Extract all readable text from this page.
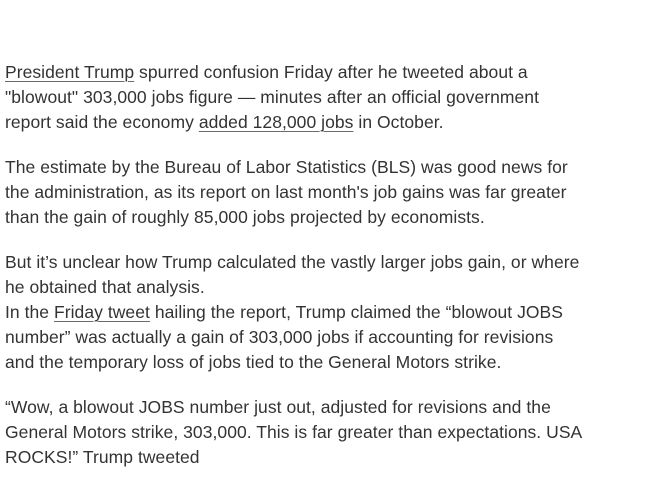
President Trump spurred confusion Friday after he tweeted about a
"blowout" 303,000 jobs figure — minutes after an official government
report said the economy added 128,000 jobs in October.

The estimate by the Bureau of Labor Statistics (BLS) was good news for
the administration, as its report on last month's job gains was far greater
than the gain of roughly 85,000 jobs projected by economists.

But it’s unclear how Trump calculated the vastly larger jobs gain, or where
he obtained that analysis.
In the Friday tweet hailing the report, Trump claimed the “blowout JOBS
number” was actually a gain of 303,000 jobs if accounting for revisions
and the temporary loss of jobs tied to the General Motors strike.

“Wow, a blowout JOBS number just out, adjusted for revisions and the
General Motors strike, 303,000. This is far greater than expectations. USA
ROCKS!” Trump tweeted
